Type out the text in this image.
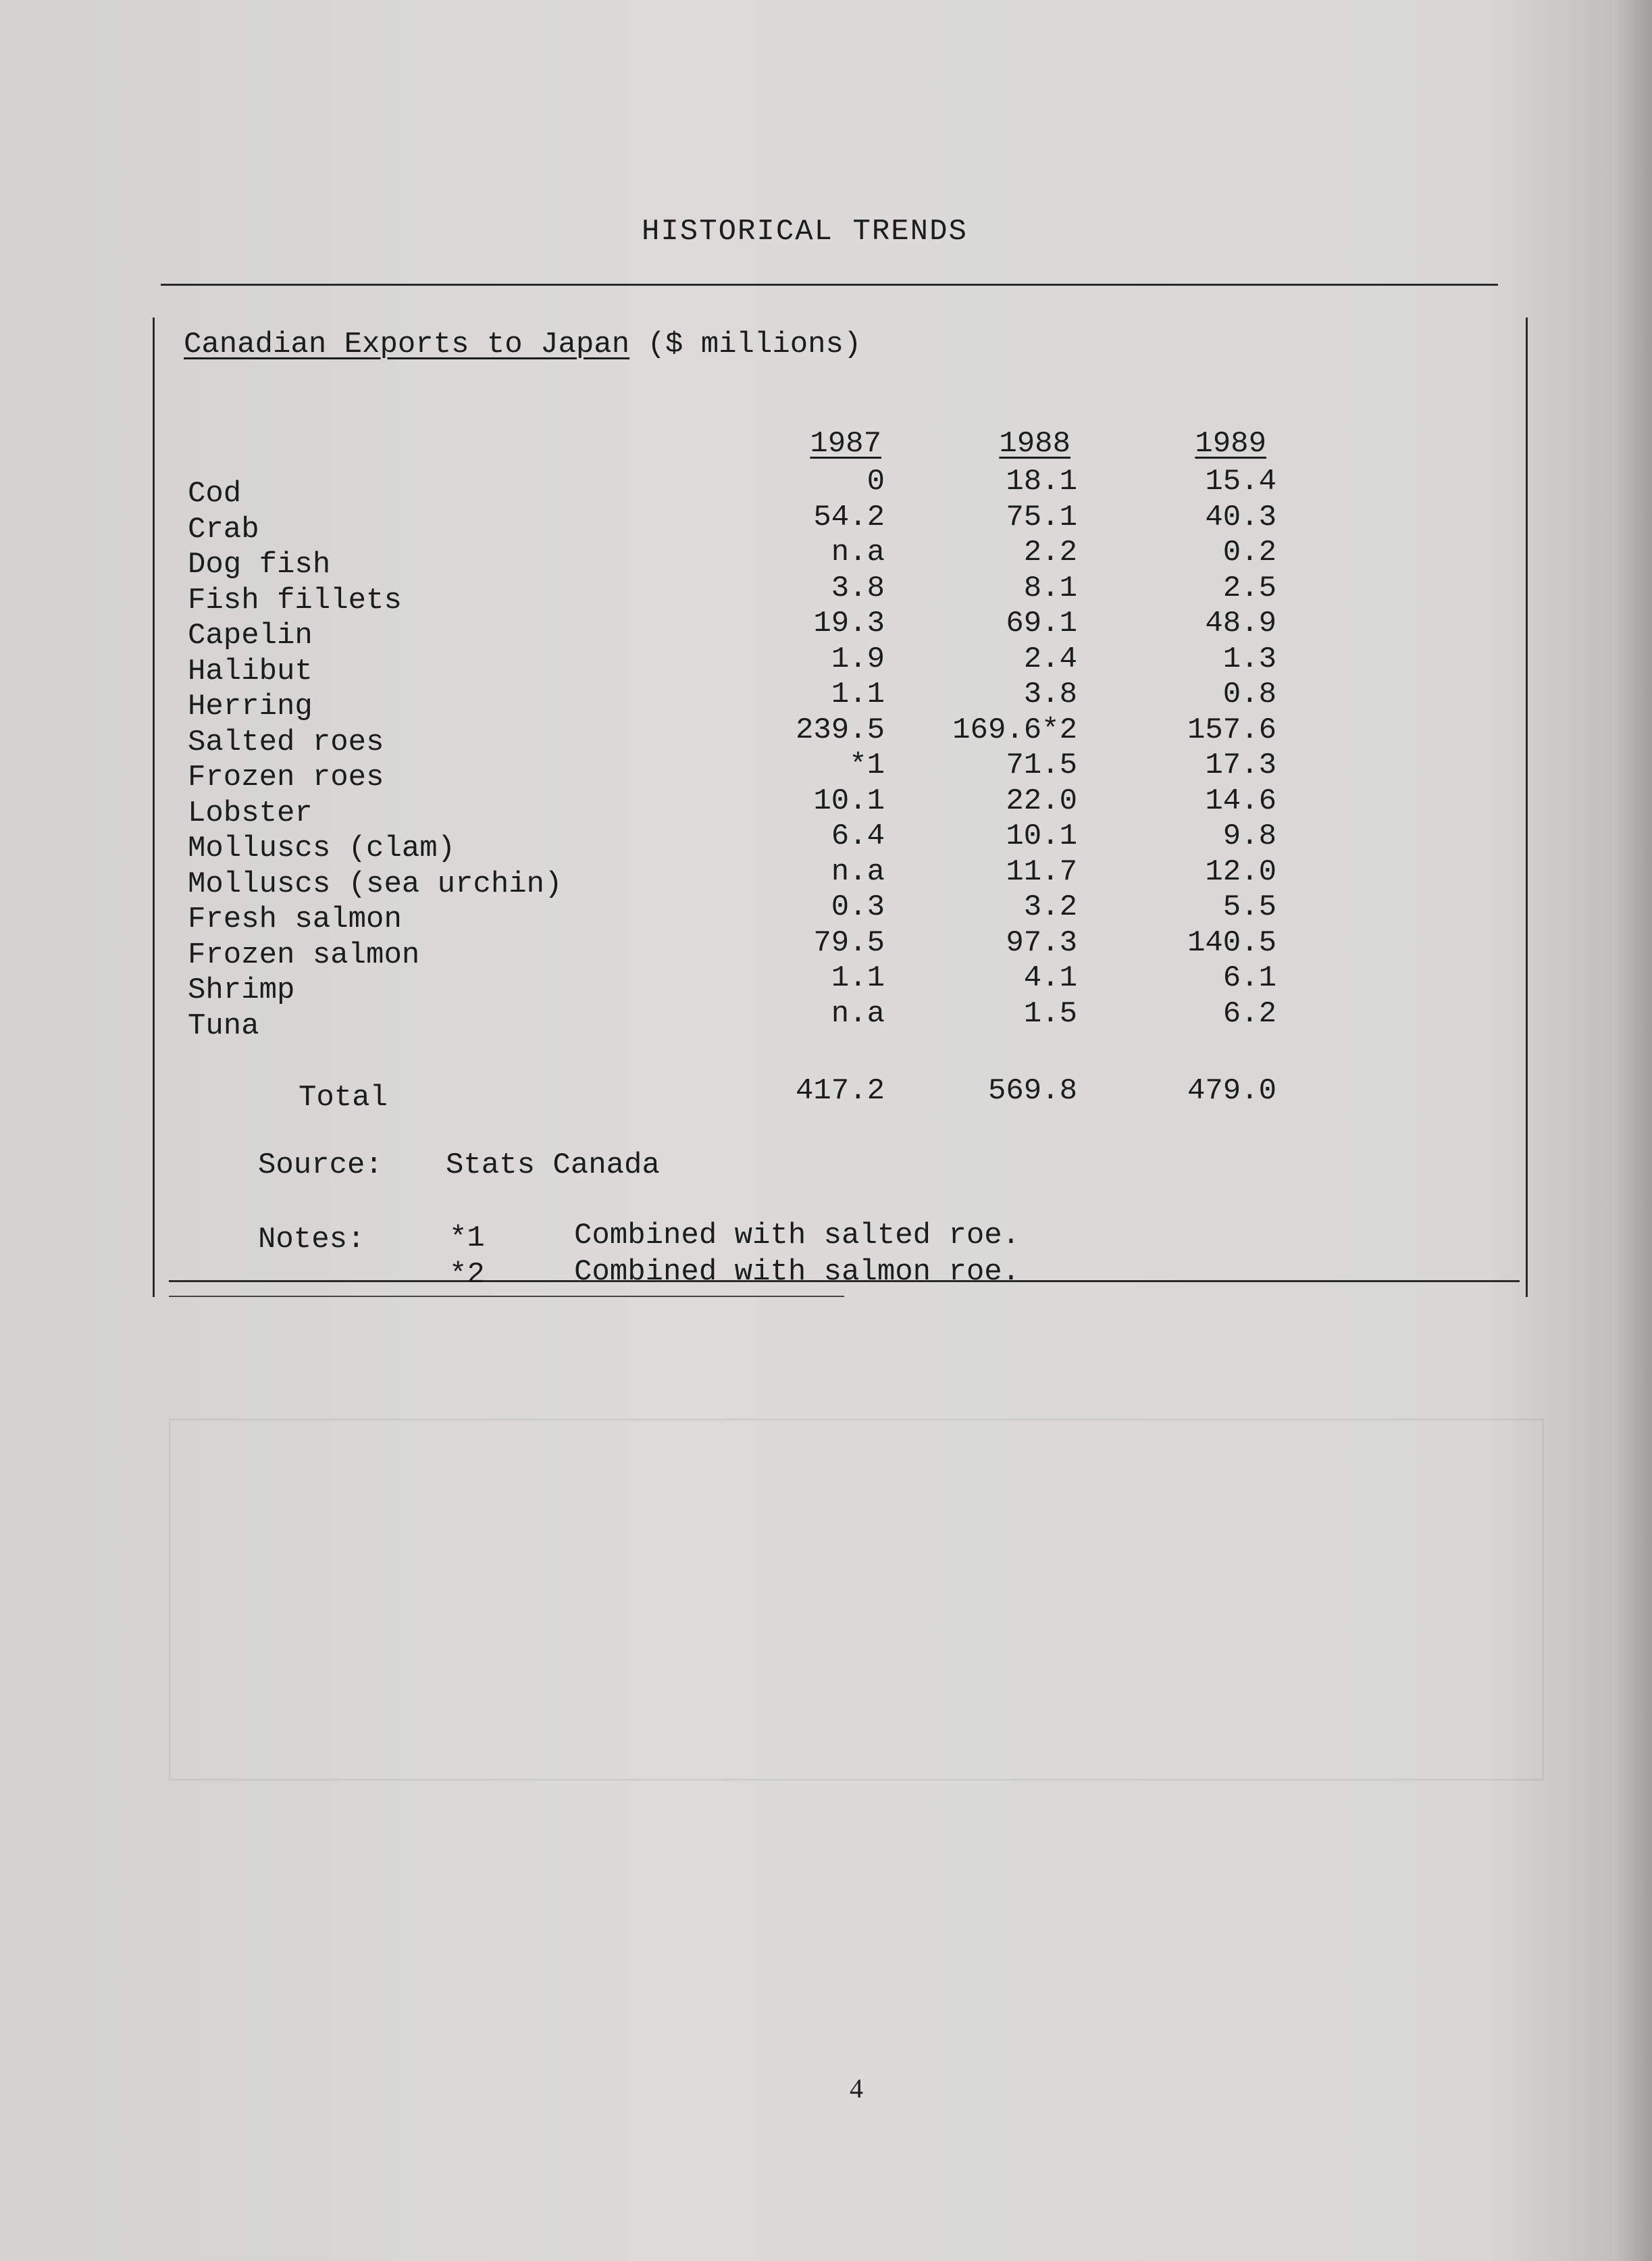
HISTORICAL TRENDS
Canadian Exports to Japan ($ millions)
1987	1988	1989
Cod	0	18.1	15.4
Crab	54.2	75.1	40.3
Dog fish	n.a	2.2	0.2
Fish fillets	3.8	8.1	2.5
Capelin	19.3	69.1	48.9
Halibut	1.9	2.4	1.3
Herring	1.1	3.8	0.8
Salted roes	239.5	169.6*2	157.6
Frozen roes	*1	71.5	17.3
Lobster	10.1	22.0	14.6
Molluscs (clam)	6.4	10.1	9.8
Molluscs (sea urchin)	n.a	11.7	12.0
Fresh salmon	0.3	3.2	5.5
Frozen salmon	79.5	97.3	140.5
Shrimp	1.1	4.1	6.1
Tuna	n.a	1.5	6.2
Total	417.2	569.8	479.0
Source: Stats Canada
Notes:	*1	Combined with salted roe.
*2	Combined with salmon roe.
4
